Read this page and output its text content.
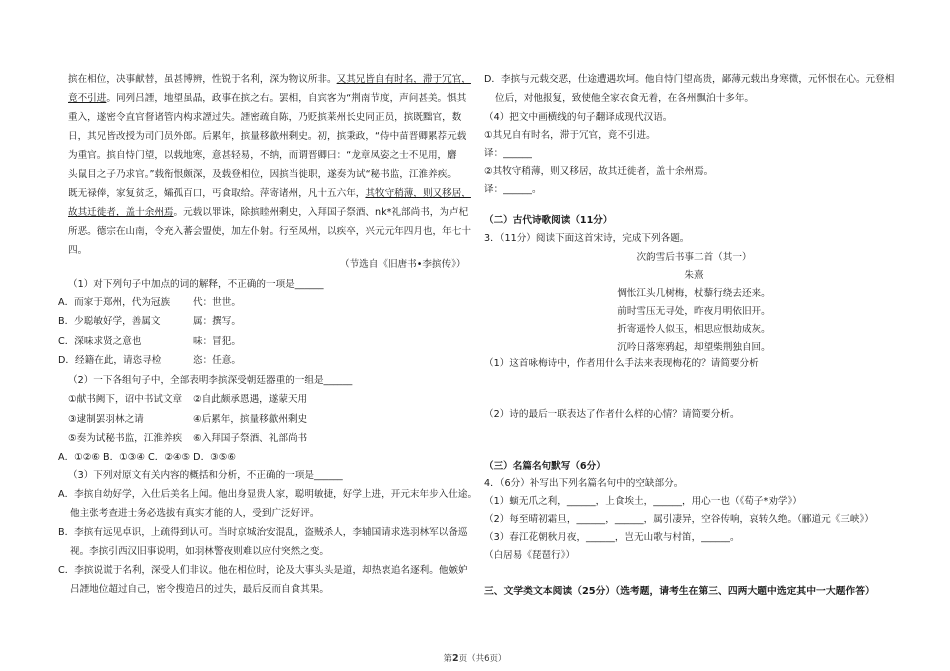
摈在相位，决事献替，虽甚博辨，性锐于名利，深为物议所非。又其兄皆自有时名，滞于冗官，
竟不引进。同列吕諲，地望虽晶，政事在摈之右。罢相，自宾客为“荆南节度，声问甚美。惧其
重入，遂密令直官督诸管内构求諲过失。諲密疏自陈，乃贬摈莱州长史同正员，摈既黜官，数
日，其兄皆改授为司门员外郎。后累年，摈量移歙州剩史。初，摈秉政，“侍中苗晋卿累荐元载
为重官。摈自恃门望，以载地寒，意甚轻易，不纳，而谓晋卿曰：“龙章凤姿之士不见用，麏
头鼠目之子乃求官。”载衔恨颇深，及载登相位，因摈当徙职，遂奏为试“秘书监，江淮养疾。
既无禄俸，家复贫乏，孀孤百口，丐食取给。萍寄诸州，凡十五六年，其牧守稍薄，则又移居，
故其迁徙者，盖十余州焉。元载以罪诛，除摈睦州剩史，入拜国子祭酒、nk*礼部尚书，为卢杞
所恶。德宗在山南，令充入蕃会盟使，加左仆射。行至凤州，以疾卒，兴元元年四月也，年七十
四。
（节选自《旧唐书•李摈传》）
（1）对下列句子中加点的词的解释，不正确的一项是______
A．而家于郑州，代为冠族 代：世世。
B．少聪敏好学，善属文	属：撰写。
C．深味求贤之意也	味：冒犯。
D．经籍在此，请恣寻检	恣：任意。
（2）一下各组句子中，全部表明李摈深受朝廷器重的一组是______
①献书阙下，诏中书试文章 ②自此颇承恩遇，遂蒙天用
③逮制罢羽林之请	④后累年，摈量移歙州剩史
⑤奏为试秘书监，江淮养疾 ⑥入拜国子祭酒、礼部尚书
A．①②⑥ B．①③④ C．②④⑤ D．③⑤⑥
（3）下列对原文有关内容的概括和分析，不正确的一项是______
A．李摈自幼好学，入仕后美名上闻。他出身显贵人家，聪明敏捷，好学上进，开元末年步入仕途。
他主张考查进士务必选拔有真实才能的人，受到广泛好评。
B．李摈有远见卓识，上疏得到认可。当时京城治安混乱，盗贼杀人，李辅国请求选羽林军以备巡
视。李摈引西汉旧事说明，如羽林警夜则难以应付突然之变。
C．李摈说谎于名利，深受人们非议。他在相位时，论及大事头头是道，却热衷追名逐利。他嫉妒
吕諲地位超过自己，密令搜造吕的过失，最后反而自食其果。
D．李摈与元载交恶，仕途遭遇坎坷。他自恃门望高贵，鄙薄元载出身寒微，元怀恨在心。元登相
位后，对他报复，致使他全家衣食无着，在各州飘泊十多年。
（4）把文中画横线的句子翻译成现代汉语。
①其兄自有时名，滞于冗官，竟不引进。
译：______
②其牧守稍薄，则又移居，故其迁徙者，盖十余州焉。
译：______。
（二）古代诗歌阅读（11分）
3．（11分）阅读下面这首宋诗，完成下列各题。
次韵雪后书事二首（其一）
朱熹
惆怅江头几树梅，杖藜行绕去还来。
前时雪压无寻处，昨夜月明依旧开。
折寄遥怜人似玉，相思应恨劫成灰。
沉吟日落寒鸦起，却望柴荆独自回。
（1）这首咏梅诗中，作者用什么手法来表现梅花的？请简要分析
（2）诗的最后一联表达了作者什么样的心情？请简要分析。
（三）名篇名句默写（6分）
4．（6分）补写出下列名篇名句中的空缺部分。
（1）螾无爪之利，______，上食埃土，______，用心一也（《荀子*劝学》）
（2）每至晴初霜旦，______，______，属引凄异，空谷传响，哀转久绝。（郦道元《三峡》）
（3）春江花朝秋月夜，______，岂无山歌与村笛，______。
（白居易《琵琶行》）
三、文学类文本阅读（25分）（选考题，请考生在第三、四两大题中选定其中一大题作答）
第2页（共6页）
